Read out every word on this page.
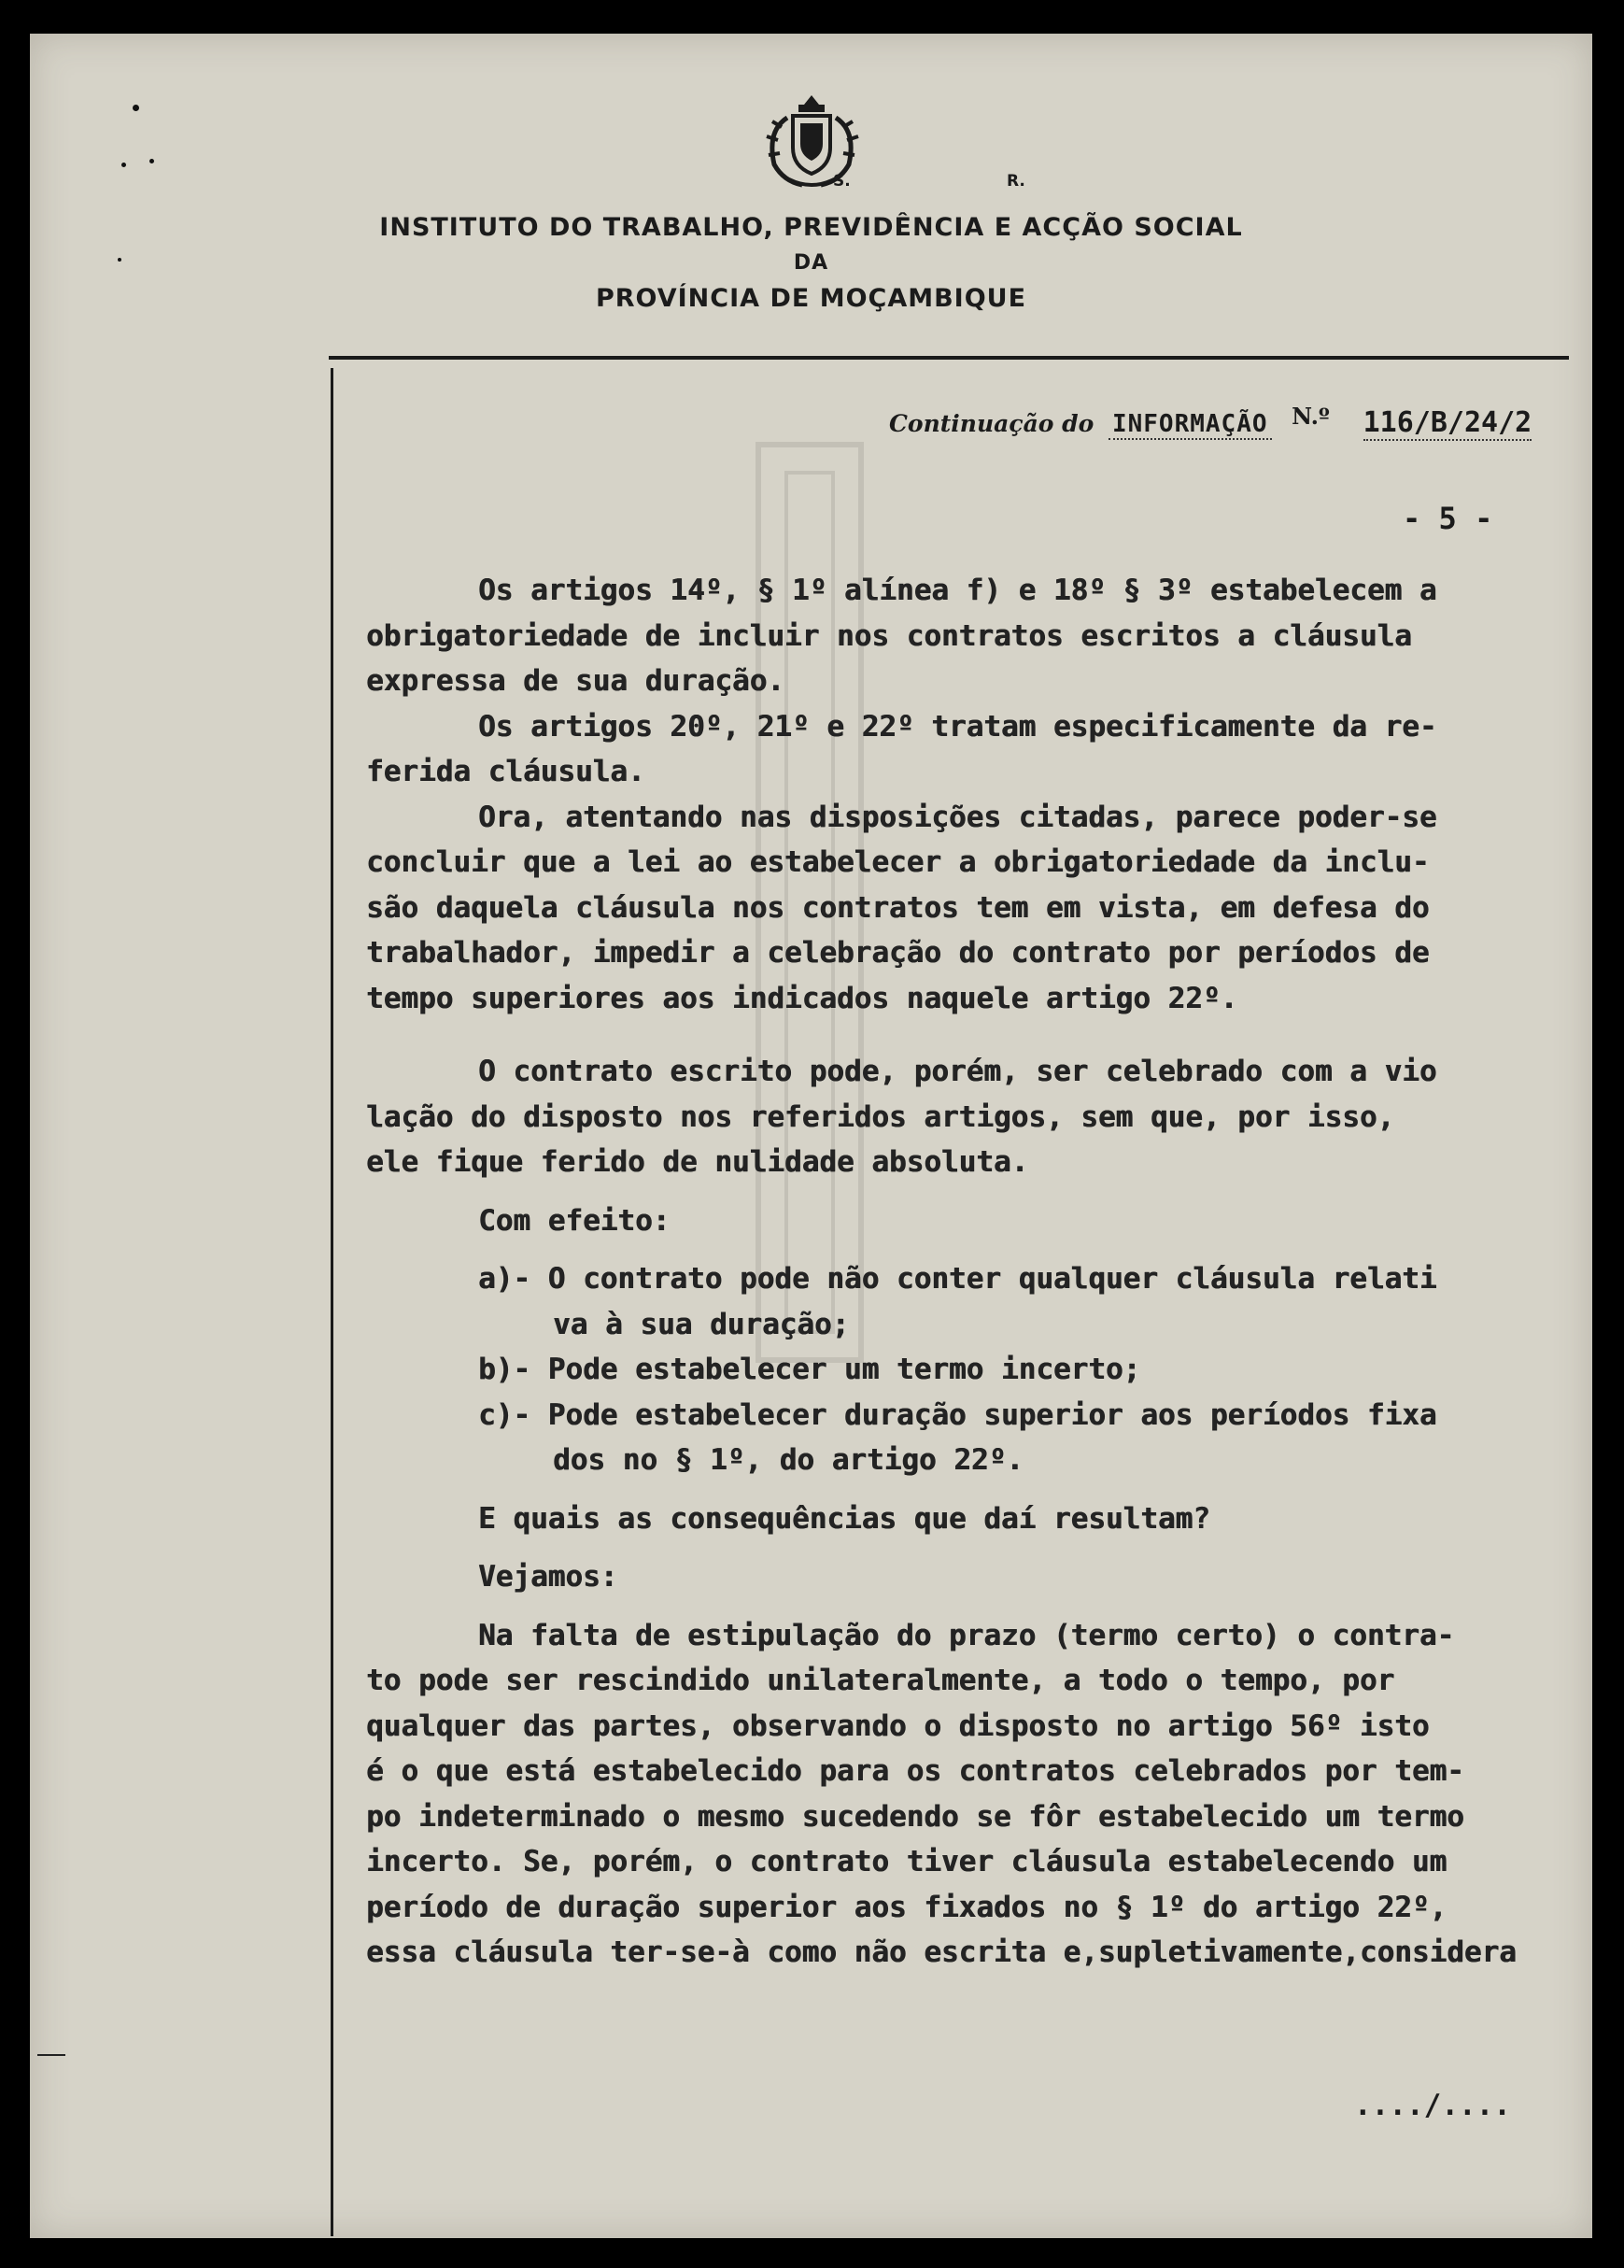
S.	R.
INSTITUTO DO TRABALHO, PREVIDÊNCIA E ACÇÃO SOCIAL
DA
PROVÍNCIA DE MOÇAMBIQUE
Continuação do INFORMAÇÃO N.º 116/B/24/2
- 5 -
Os artigos 14º, § 1º alínea f) e 18º § 3º estabelecem a
obrigatoriedade de incluir nos contratos escritos a cláusula
expressa de sua duração.
Os artigos 20º, 21º e 22º tratam especificamente da re-
ferida cláusula.
Ora, atentando nas disposições citadas, parece poder-se
concluir que a lei ao estabelecer a obrigatoriedade da inclu-
são daquela cláusula nos contratos tem em vista, em defesa do
trabalhador, impedir a celebração do contrato por períodos de
tempo superiores aos indicados naquele artigo 22º.
O contrato escrito pode, porém, ser celebrado com a vio
lação do disposto nos referidos artigos, sem que, por isso,
ele fique ferido de nulidade absoluta.
Com efeito:
a)- O contrato pode não conter qualquer cláusula relati
va à sua duração;
b)- Pode estabelecer um termo incerto;
c)- Pode estabelecer duração superior aos períodos fixa
dos no § 1º, do artigo 22º.
E quais as consequências que daí resultam?
Vejamos:
Na falta de estipulação do prazo (termo certo) o contra-
to pode ser rescindido unilateralmente, a todo o tempo, por
qualquer das partes, observando o disposto no artigo 56º isto
é o que está estabelecido para os contratos celebrados por tem-
po indeterminado o mesmo sucedendo se fôr estabelecido um termo
incerto. Se, porém, o contrato tiver cláusula estabelecendo um
período de duração superior aos fixados no § 1º do artigo 22º,
essa cláusula ter-se-à como não escrita e,supletivamente,considera
..../....
